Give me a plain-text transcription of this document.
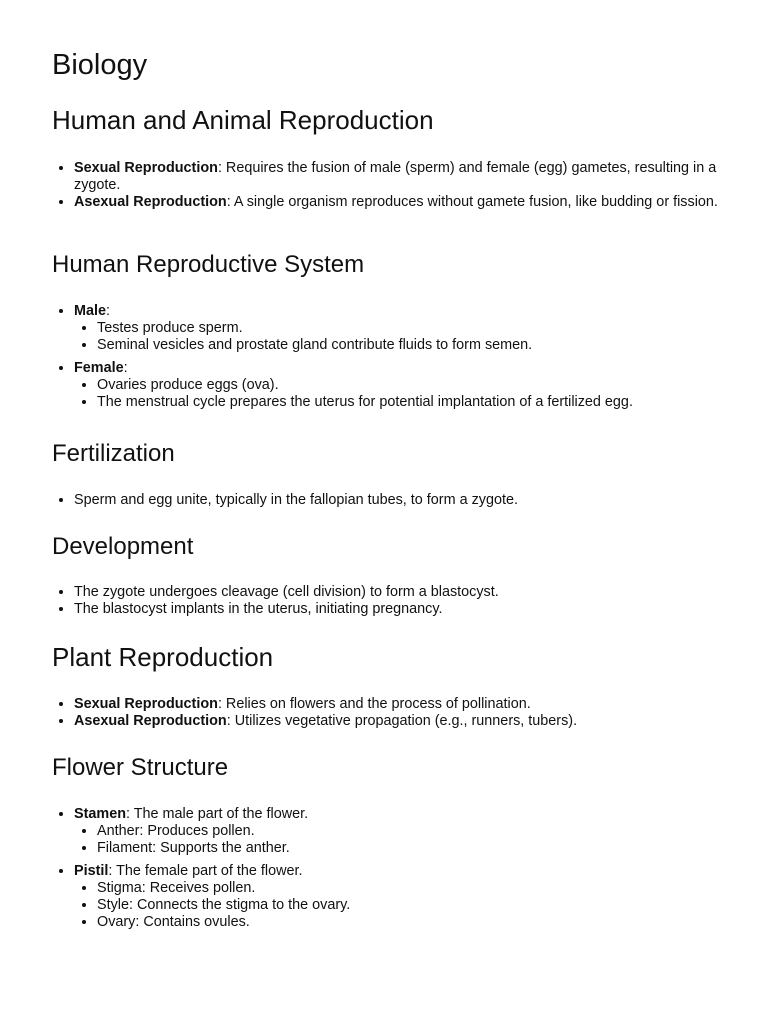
Biology
Human and Animal Reproduction
• Sexual Reproduction: Requires the fusion of male (sperm) and female (egg) gametes, resulting in a zygote.
• Asexual Reproduction: A single organism reproduces without gamete fusion, like budding or fission.
Human Reproductive System
• Male:
• Testes produce sperm.
• Seminal vesicles and prostate gland contribute fluids to form semen.
• Female:
• Ovaries produce eggs (ova).
• The menstrual cycle prepares the uterus for potential implantation of a fertilized egg.
Fertilization
• Sperm and egg unite, typically in the fallopian tubes, to form a zygote.
Development
• The zygote undergoes cleavage (cell division) to form a blastocyst.
• The blastocyst implants in the uterus, initiating pregnancy.
Plant Reproduction
• Sexual Reproduction: Relies on flowers and the process of pollination.
• Asexual Reproduction: Utilizes vegetative propagation (e.g., runners, tubers).
Flower Structure
• Stamen: The male part of the flower.
• Anther: Produces pollen.
• Filament: Supports the anther.
• Pistil: The female part of the flower.
• Stigma: Receives pollen.
• Style: Connects the stigma to the ovary.
• Ovary: Contains ovules.
